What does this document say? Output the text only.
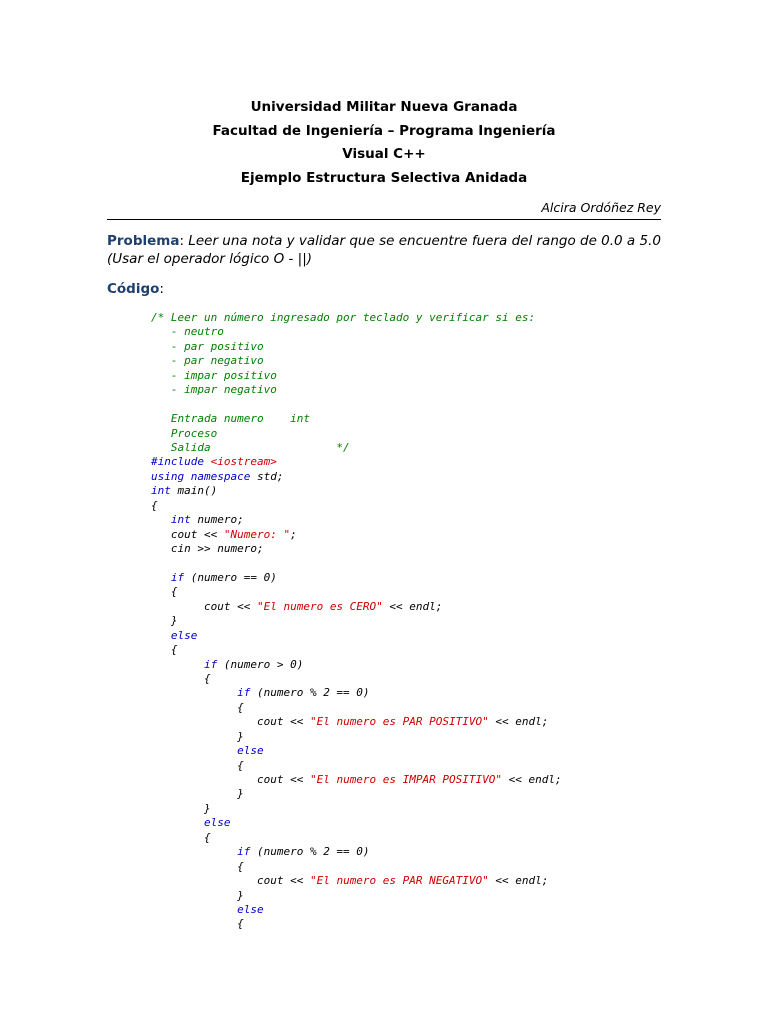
Universidad Militar Nueva Granada
Facultad de Ingeniería – Programa Ingeniería
Visual C++
Ejemplo Estructura Selectiva Anidada
Alcira Ordóñez Rey
Problema: Leer una nota y validar que se encuentre fuera del rango de 0.0 a 5.0 (Usar el operador lógico O - ||)
Código:
/* Leer un número ingresado por teclado y verificar si es:
- neutro
- par positivo
- par negativo
- impar positivo
- impar negativo
Entrada numero    int
Proceso
Salida                   */
#include <iostream>
using namespace std;
int main()
{
int numero;
cout << "Numero: ";
cin >> numero;
if (numero == 0)
{
cout << "El numero es CERO" << endl;
}
else
{
if (numero > 0)
{
if (numero % 2 == 0)
{
cout << "El numero es PAR POSITIVO" << endl;
}
else
{
cout << "El numero es IMPAR POSITIVO" << endl;
}
}
else
{
if (numero % 2 == 0)
{
cout << "El numero es PAR NEGATIVO" << endl;
}
else
{
